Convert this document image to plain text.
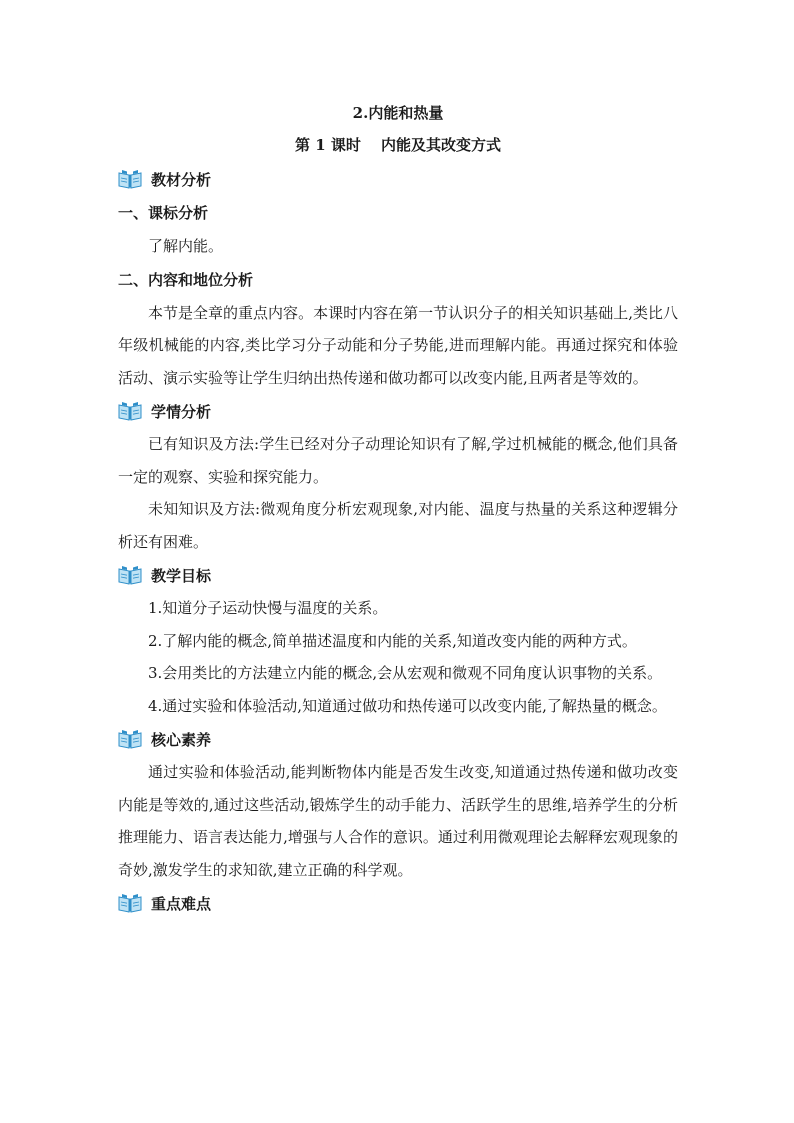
2.内能和热量
第 1 课时 内能及其改变方式
教材分析
一、课标分析

了解内能。

二、内容和地位分析

本节是全章的重点内容。本课时内容在第一节认识分子的相关知识基础上,类比八年级机械能的内容,类比学习分子动能和分子势能,进而理解内能。再通过探究和体验活动、演示实验等让学生归纳出热传递和做功都可以改变内能,且两者是等效的。

学情分析

已有知识及方法:学生已经对分子动理论知识有了解,学过机械能的概念,他们具备一定的观察、实验和探究能力。

未知知识及方法:微观角度分析宏观现象,对内能、温度与热量的关系这种逻辑分析还有困难。

教学目标

1.知道分子运动快慢与温度的关系。

2.了解内能的概念,简单描述温度和内能的关系,知道改变内能的两种方式。

3.会用类比的方法建立内能的概念,会从宏观和微观不同角度认识事物的关系。

4.通过实验和体验活动,知道通过做功和热传递可以改变内能,了解热量的概念。

核心素养

通过实验和体验活动,能判断物体内能是否发生改变,知道通过热传递和做功改变内能是等效的,通过这些活动,锻炼学生的动手能力、活跃学生的思维,培养学生的分析推理能力、语言表达能力,增强与人合作的意识。通过利用微观理论去解释宏观现象的奇妙,激发学生的求知欲,建立正确的科学观。

重点难点
